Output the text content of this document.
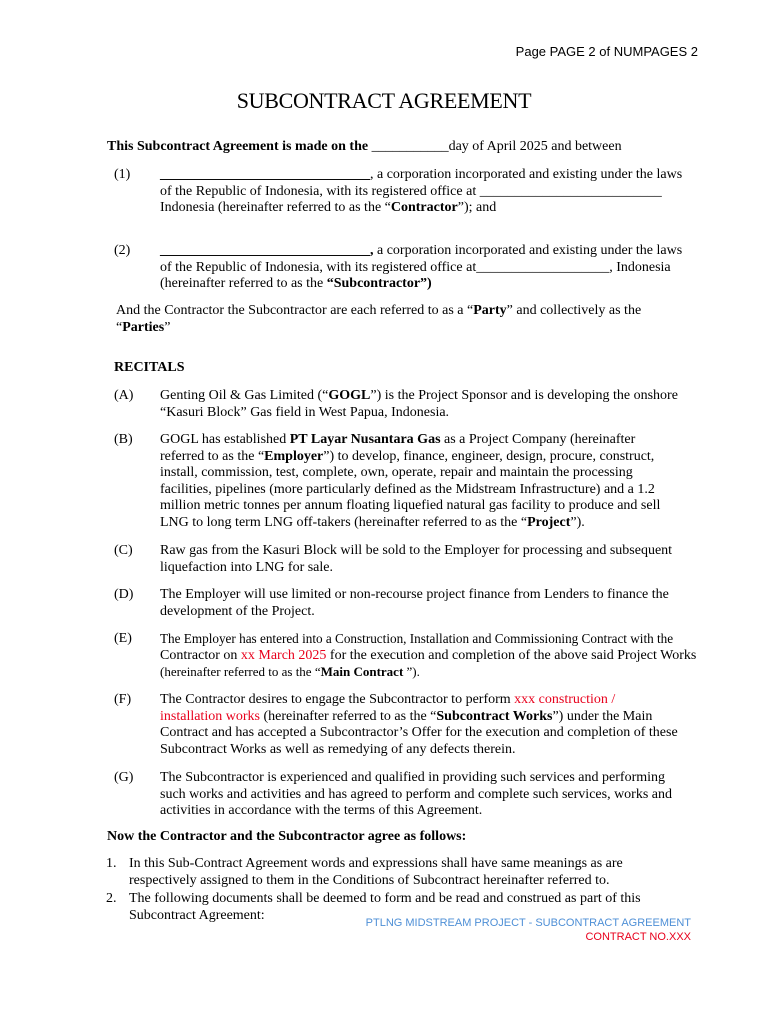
Page PAGE 2 of NUMPAGES 2
SUBCONTRACT AGREEMENT
This Subcontract Agreement is made on the ___________day of April 2025 and between
(1) ______________________________, a corporation incorporated and existing under the laws
of the Republic of Indonesia, with its registered office at __________________________
Indonesia (hereinafter referred to as the “Contractor”); and
(2) ______________________________, a corporation incorporated and existing under the laws
of the Republic of Indonesia, with its registered office at___________________, Indonesia
(hereinafter referred to as the “Subcontractor”)
And the Contractor the Subcontractor are each referred to as a “Party” and collectively as the
“Parties”
RECITALS
(A) Genting Oil & Gas Limited (“GOGL”) is the Project Sponsor and is developing the onshore
“Kasuri Block” Gas field in West Papua, Indonesia.
(B) GOGL has established PT Layar Nusantara Gas as a Project Company (hereinafter
referred to as the “Employer”) to develop, finance, engineer, design, procure, construct,
install, commission, test, complete, own, operate, repair and maintain the processing
facilities, pipelines (more particularly defined as the Midstream Infrastructure) and a 1.2
million metric tonnes per annum floating liquefied natural gas facility to produce and sell
LNG to long term LNG off-takers (hereinafter referred to as the “Project”).
(C) Raw gas from the Kasuri Block will be sold to the Employer for processing and subsequent
liquefaction into LNG for sale.
(D) The Employer will use limited or non-recourse project finance from Lenders to finance the
development of the Project.
(E) The Employer has entered into a Construction, Installation and Commissioning Contract with the
Contractor on xx March 2025 for the execution and completion of the above said Project Works
(hereinafter referred to as the “Main Contract ”).
(F) The Contractor desires to engage the Subcontractor to perform xxx construction /
installation works (hereinafter referred to as the “Subcontract Works”) under the Main
Contract and has accepted a Subcontractor’s Offer for the execution and completion of these
Subcontract Works as well as remedying of any defects therein.
(G) The Subcontractor is experienced and qualified in providing such services and performing
such works and activities and has agreed to perform and complete such services, works and
activities in accordance with the terms of this Agreement.
Now the Contractor and the Subcontractor agree as follows:
1. In this Sub-Contract Agreement words and expressions shall have same meanings as are
respectively assigned to them in the Conditions of Subcontract hereinafter referred to.
2. The following documents shall be deemed to form and be read and construed as part of this
Subcontract Agreement:
PTLNG MIDSTREAM PROJECT - SUBCONTRACT AGREEMENT
CONTRACT NO.XXX
